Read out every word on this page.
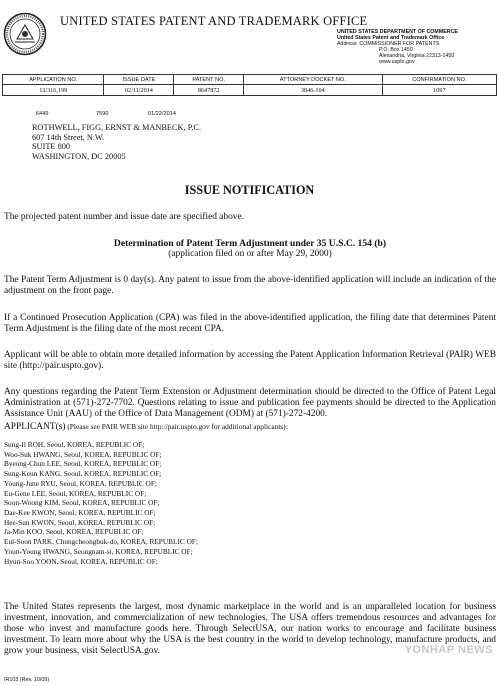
UNITED STATES PATENT AND TRADEMARK OFFICE
UNITED STATES DEPARTMENT OF COMMERCE
United States Patent and Trademark Office
Address: COMMISSIONER FOR PATENTS
P.O. Box 1450
Alexandria, Virginia 22313-1450
www.uspto.gov
APPLICATION NO.	ISSUE DATE	PATENT NO.	ATTORNEY DOCKET NO.	CONFIRMATION NO.
13/316,199	02/11/2014	8647872	3846-104	1097
6449	7590	01/22/2014
ROTHWELL, FIGG, ERNST & MANBECK, P.C.
607 14th Street, N.W.
SUITE 800
WASHINGTON, DC 20005
ISSUE NOTIFICATION
The projected patent number and issue date are specified above.
Determination of Patent Term Adjustment under 35 U.S.C. 154 (b)
(application filed on or after May 29, 2000)
The Patent Term Adjustment is 0 day(s). Any patent to issue from the above-identified application will include an indication of the adjustment on the front page.
If a Continued Prosecution Application (CPA) was filed in the above-identified application, the filing date that determines Patent Term Adjustment is the filing date of the most recent CPA.
Applicant will be able to obtain more detailed information by accessing the Patent Application Information Retrieval (PAIR) WEB site (http://pair.uspto.gov).
Any questions regarding the Patent Term Extension or Adjustment determination should be directed to the Office of Patent Legal Administration at (571)-272-7702. Questions relating to issue and publication fee payments should be directed to the Application Assistance Unit (AAU) of the Office of Data Management (ODM) at (571)-272-4200.
APPLICANT(s) (Please see PAIR WEB site http://pair.uspto.gov for additional applicants):
Sung-Il ROH, Seoul, KOREA, REPUBLIC OF;
Woo-Suk HWANG, Seoul, KOREA, REPUBLIC OF;
Byeong-Chun LEE, Seoul, KOREA, REPUBLIC OF;
Sung-Keun KANG, Seoul, KOREA, REPUBLIC OF;
Young-June RYU, Seoul, KOREA, REPUBLIC OF;
Eu-Gene LEE, Seoul, KOREA, REPUBLIC OF;
Soon-Woong KIM, Seoul, KOREA, REPUBLIC OF;
Dae-Kee KWON, Seoul, KOREA, REPUBLIC OF;
Hee-Sun KWON, Seoul, KOREA, REPUBLIC OF;
Ja-Min KOO, Seoul, KOREA, REPUBLIC OF;
Eul-Soon PARK, Chungcheongbuk-do, KOREA, REPUBLIC OF;
Youn-Young HWANG, Seongnam-si, KOREA, REPUBLIC OF;
Hyun-Soo YOON, Seoul, KOREA, REPUBLIC OF;
The United States represents the largest, most dynamic marketplace in the world and is an unparalleled location for business investment, innovation, and commercialization of new technologies. The USA offers tremendous resources and advantages for those who invest and manufacture goods here. Through SelectUSA, our nation works to encourage and facilitate business investment. To learn more about why the USA is the best country in the world to develop technology, manufacture products, and grow your business, visit SelectUSA.gov.	YONHAP NEWS
IR103 (Rev. 10/09)
